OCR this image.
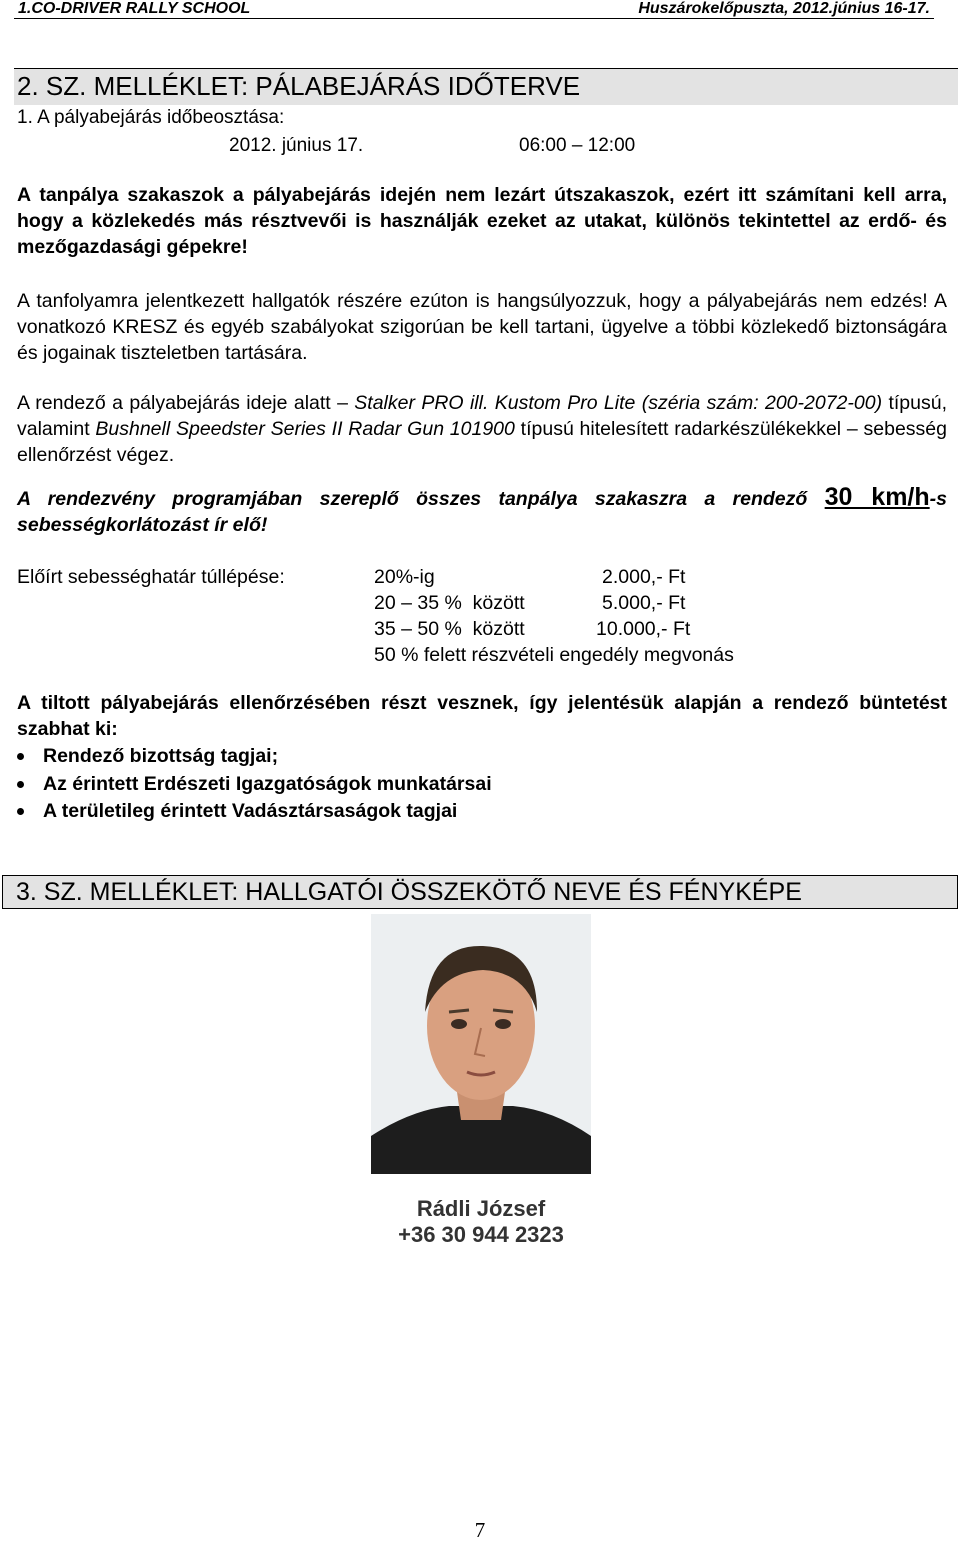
1.CO-DRIVER RALLY SCHOOL	Huszárokelőpuszta, 2012.június 16-17.
2. SZ. MELLÉKLET: PÁLABEJÁRÁS IDŐTERVE
1. A pályabejárás időbeosztása:
2012. június 17.	06:00 – 12:00
A tanpálya szakaszok a pályabejárás idején nem lezárt útszakaszok, ezért itt számítani kell arra, hogy a közlekedés más résztvevői is használják ezeket az utakat, különös tekintettel az erdő- és mezőgazdasági gépekre!
A tanfolyamra jelentkezett hallgatók részére ezúton is hangsúlyozzuk, hogy a pályabejárás nem edzés! A vonatkozó KRESZ és egyéb szabályokat szigorúan be kell tartani, ügyelve a többi közlekedő biztonságára és jogainak tiszteletben tartására.
A rendező a pályabejárás ideje alatt – Stalker PRO ill. Kustom Pro Lite (széria szám: 200-2072-00) típusú, valamint Bushnell Speedster Series II Radar Gun 101900 típusú hitelesített radarkészülékekkel – sebesség ellenőrzést végez.
A rendezvény programjában szereplő összes tanpálya szakaszra a rendező 30 km/h-s sebességkorlátozást ír elő!
Előírt sebességhatár túllépése:	20%-ig	2.000,- Ft
20 – 35 %  között	5.000,- Ft
35 – 50 %  között	10.000,- Ft
50 % felett részvételi engedély megvonás
A tiltott pályabejárás ellenőrzésében részt vesznek, így jelentésük alapján a rendező büntetést szabhat ki:
Rendező bizottság tagjai;
Az érintett Erdészeti Igazgatóságok munkatársai
A területileg érintett Vadásztársaságok tagjai
3. SZ. MELLÉKLET: HALLGATÓI ÖSSZEKÖTŐ NEVE ÉS FÉNYKÉPE
Rádli József
+36 30 944 2323
7
